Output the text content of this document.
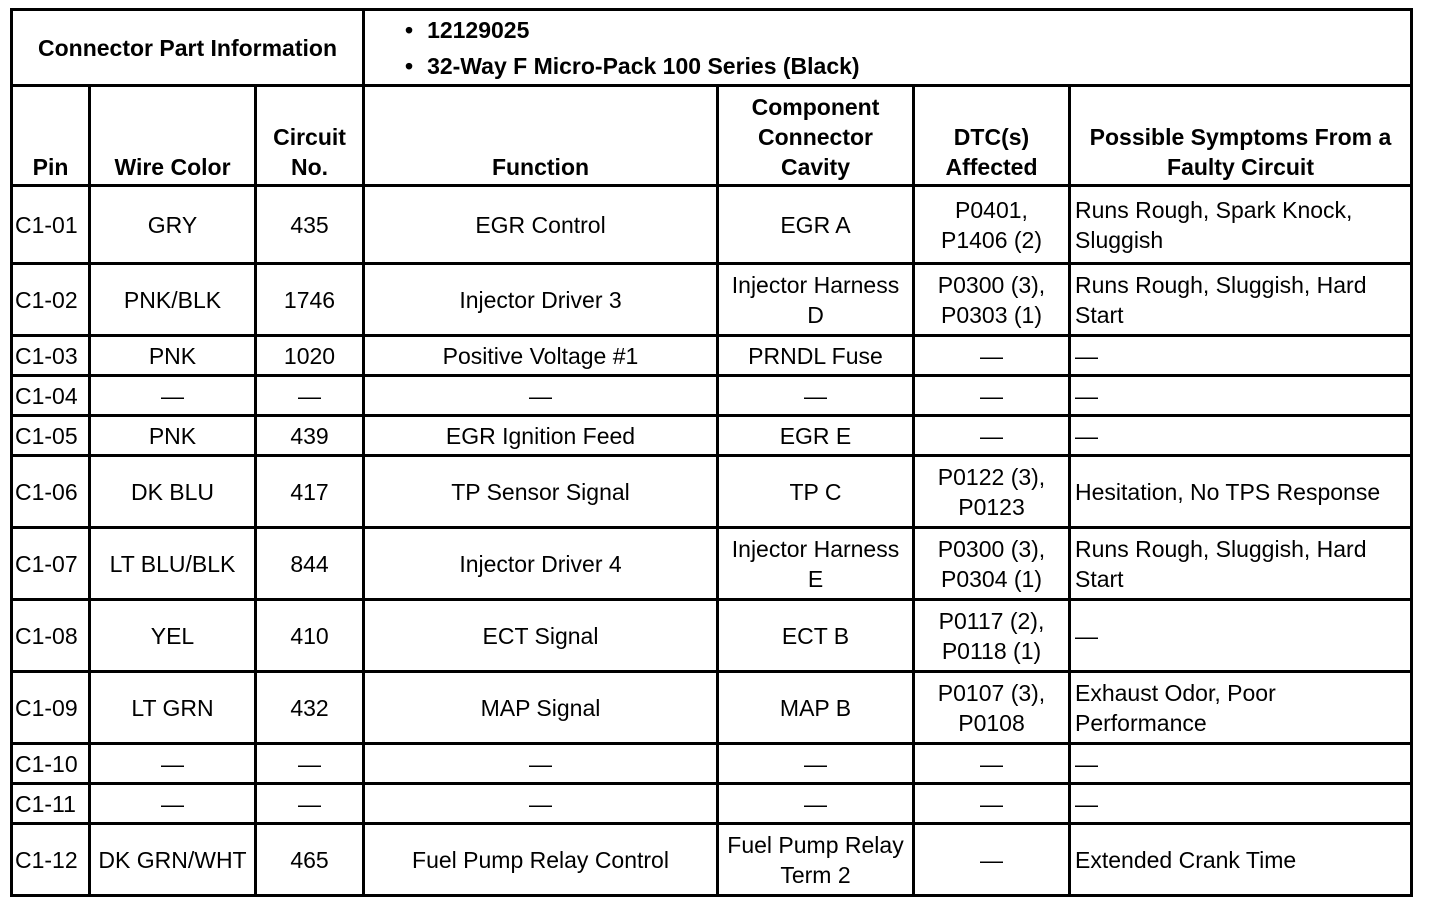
Connector Part Information			• 12129025
• 32-Way F Micro-Pack 100 Series (Black)

Pin	Wire Color	Circuit No.	Function	Component Connector Cavity	DTC(s) Affected	Possible Symptoms From a Faulty Circuit
C1-01	GRY	435	EGR Control	EGR A	P0401, P1406 (2)	Runs Rough, Spark Knock, Sluggish
C1-02	PNK/BLK	1746	Injector Driver 3	Injector Harness D	P0300 (3), P0303 (1)	Runs Rough, Sluggish, Hard Start
C1-03	PNK	1020	Positive Voltage #1	PRNDL Fuse	—	—
C1-04	—	—	—	—	—	—
C1-05	PNK	439	EGR Ignition Feed	EGR E	—	—
C1-06	DK BLU	417	TP Sensor Signal	TP C	P0122 (3), P0123	Hesitation, No TPS Response
C1-07	LT BLU/BLK	844	Injector Driver 4	Injector Harness E	P0300 (3), P0304 (1)	Runs Rough, Sluggish, Hard Start
C1-08	YEL	410	ECT Signal	ECT B	P0117 (2), P0118 (1)	—
C1-09	LT GRN	432	MAP Signal	MAP B	P0107 (3), P0108	Exhaust Odor, Poor Performance
C1-10	—	—	—	—	—	—
C1-11	—	—	—	—	—	—
C1-12	DK GRN/WHT	465	Fuel Pump Relay Control	Fuel Pump Relay Term 2	—	Extended Crank Time
